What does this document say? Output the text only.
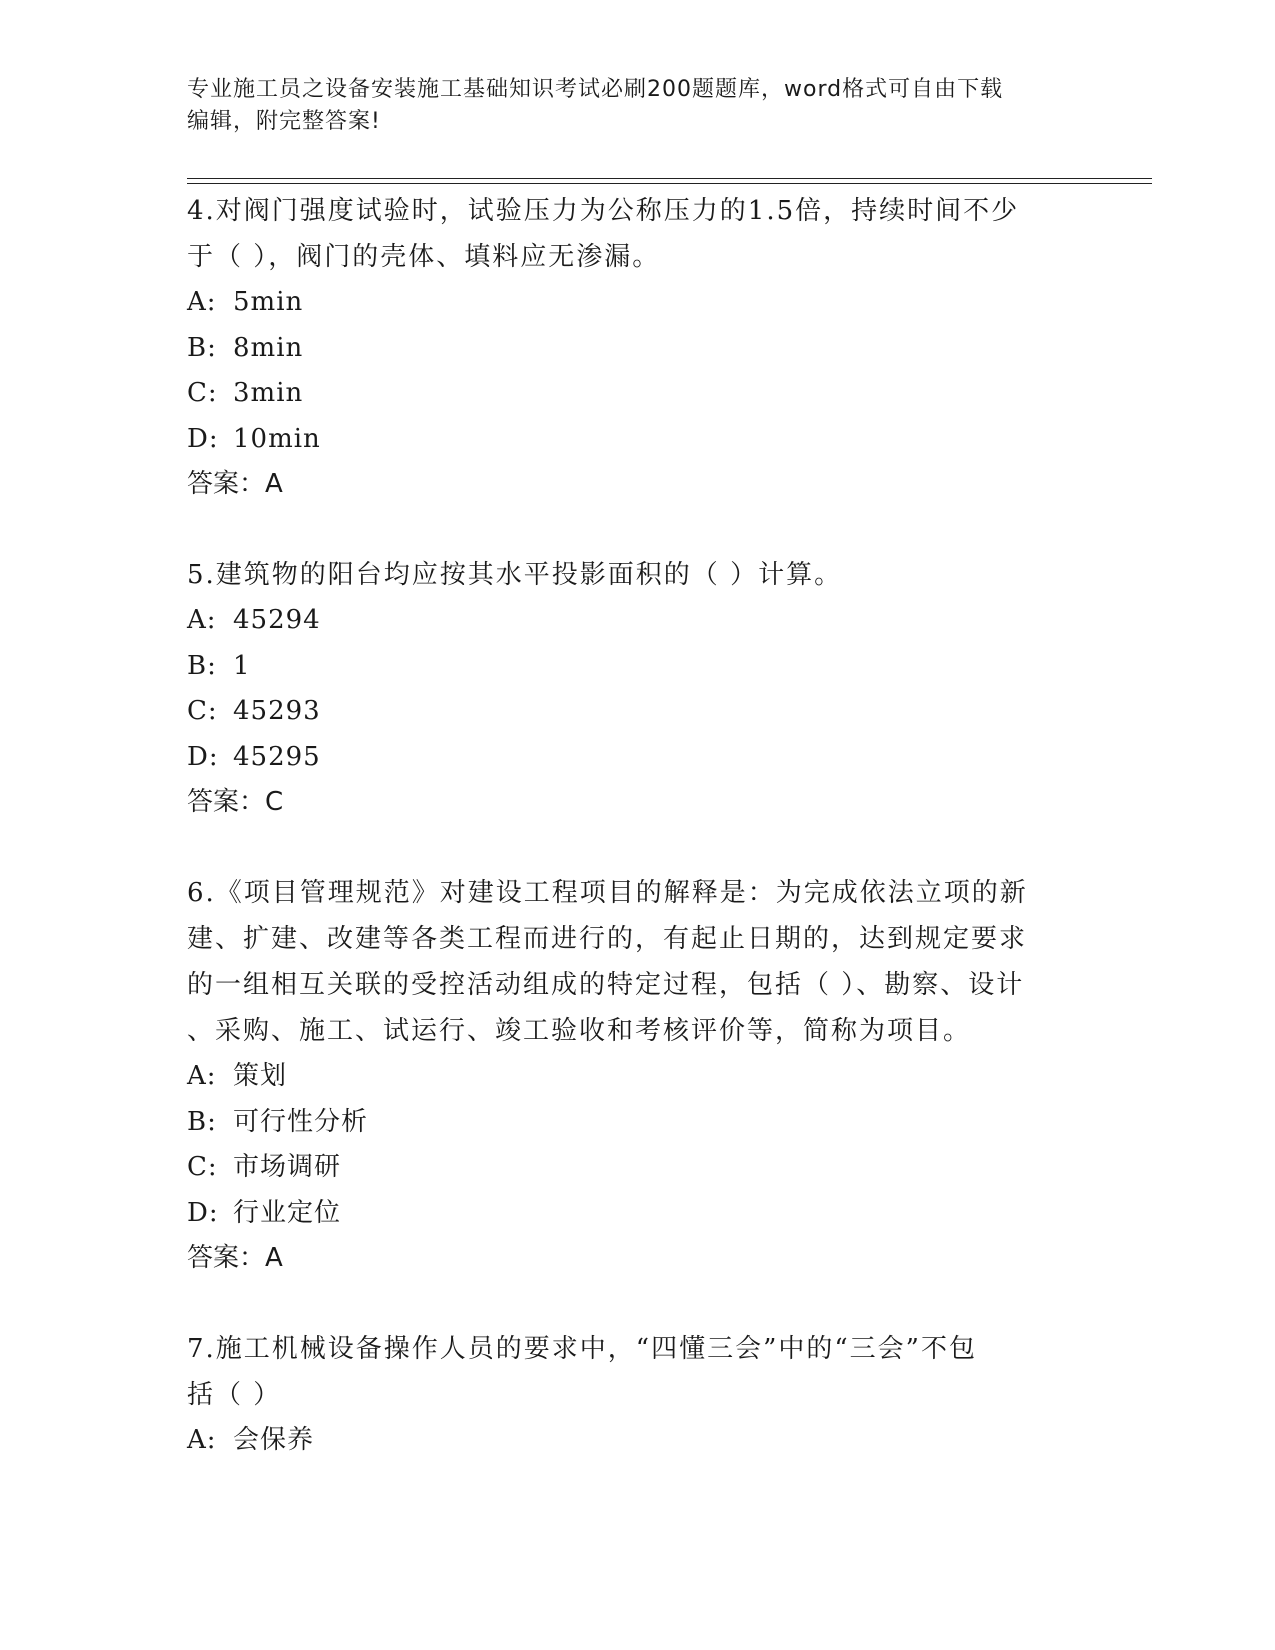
专业施工员之设备安装施工基础知识考试必刷200题题库，word格式可自由下载
编辑，附完整答案!
4.对阀门强度试验时，试验压力为公称压力的1.5倍，持续时间不少
于（ ），阀门的壳体、填料应无渗漏。
A: 5min
B: 8min
C: 3min
D: 10min
答案：A
5.建筑物的阳台均应按其水平投影面积的（ ）计算。
A: 45294
B: 1
C: 45293
D: 45295
答案：C
6.《项目管理规范》对建设工程项目的解释是：为完成依法立项的新
建、扩建、改建等各类工程而进行的，有起止日期的，达到规定要求
的一组相互关联的受控活动组成的特定过程，包括（ ）、勘察、设计
、采购、施工、试运行、竣工验收和考核评价等，简称为项目。
A: 策划
B: 可行性分析
C: 市场调研
D: 行业定位
答案：A
7.施工机械设备操作人员的要求中，“四懂三会”中的“三会”不包
括（ ）
A: 会保养
